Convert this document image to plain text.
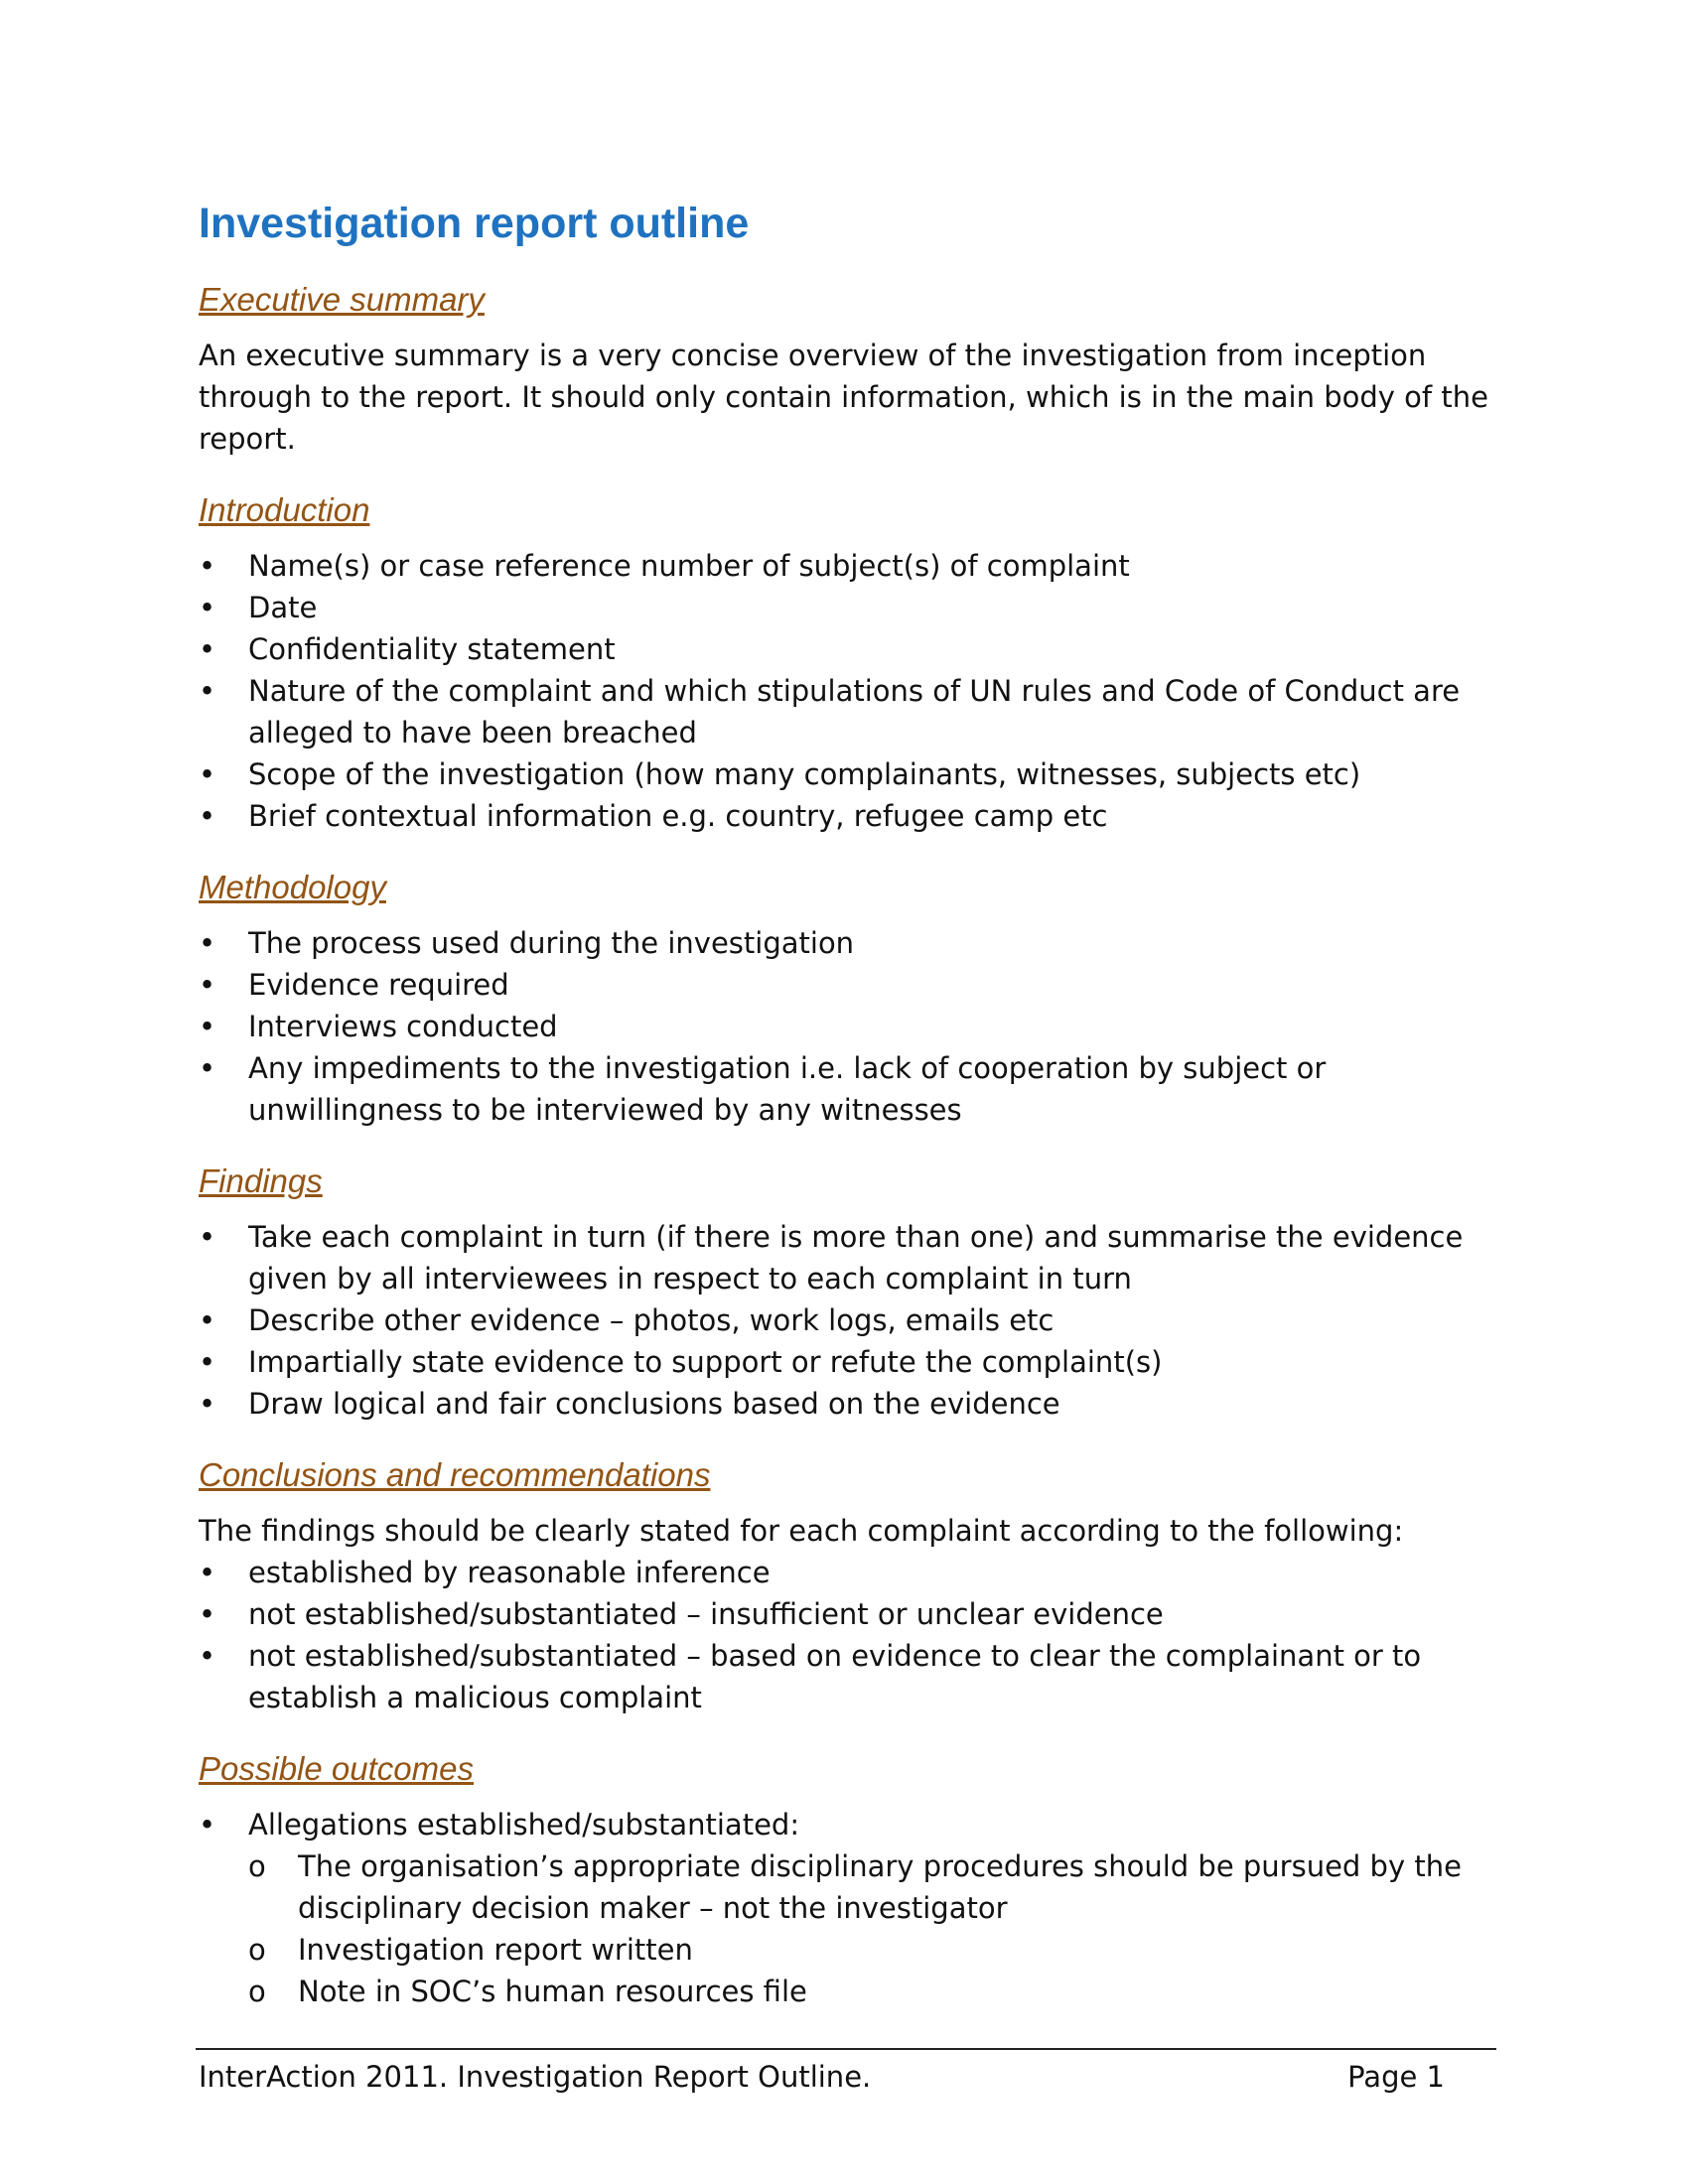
Investigation report outline
Executive summary
An executive summary is a very concise overview of the investigation from inception through to the report. It should only contain information, which is in the main body of the report.
Introduction
•	Name(s) or case reference number of subject(s) of complaint
•	Date
•	Confidentiality statement
•	Nature of the complaint and which stipulations of UN rules and Code of Conduct are alleged to have been breached
•	Scope of the investigation (how many complainants, witnesses, subjects etc)
•	Brief contextual information e.g. country, refugee camp etc
Methodology
•	The process used during the investigation
•	Evidence required
•	Interviews conducted
•	Any impediments to the investigation i.e. lack of cooperation by subject or unwillingness to be interviewed by any witnesses
Findings
•	Take each complaint in turn (if there is more than one) and summarise the evidence given by all interviewees in respect to each complaint in turn
•	Describe other evidence – photos, work logs, emails etc
•	Impartially state evidence to support or refute the complaint(s)
•	Draw logical and fair conclusions based on the evidence
Conclusions and recommendations
The findings should be clearly stated for each complaint according to the following:
•	established by reasonable inference
•	not established/substantiated – insufficient or unclear evidence
•	not established/substantiated – based on evidence to clear the complainant or to establish a malicious complaint
Possible outcomes
•	Allegations established/substantiated:
o	The organisation’s appropriate disciplinary procedures should be pursued by the disciplinary decision maker – not the investigator
o	Investigation report written
o	Note in SOC’s human resources file
InterAction 2011. Investigation Report Outline.	Page 1
